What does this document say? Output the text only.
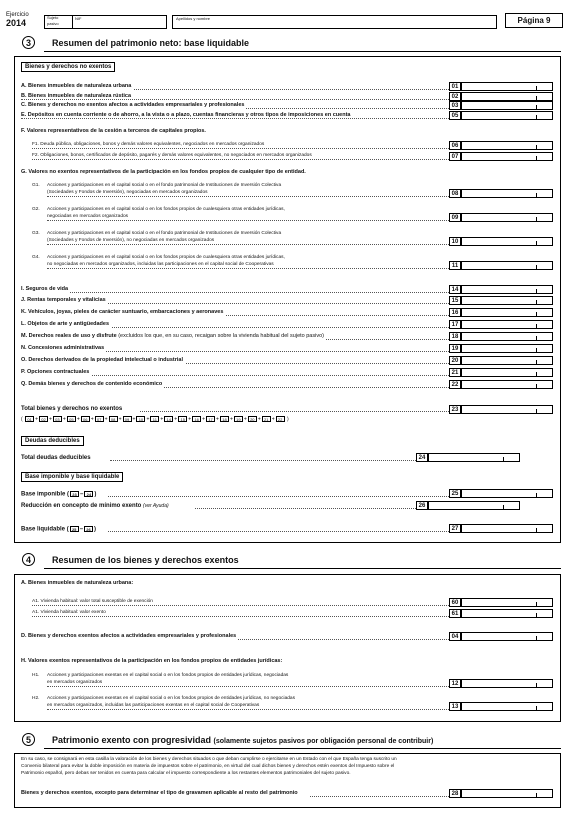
Ejercicio
2014
Sujeto
pasivo
NIF	Apellidos y nombre	Página 9
3	Resumen del patrimonio neto: base liquidable
Bienes y derechos no exentos
A. Bienes inmuebles de naturaleza urbana	01
B. Bienes inmuebles de naturaleza rústica	02
C. Bienes y derechos no exentos afectos a actividades empresariales y profesionales	03
E. Depósitos en cuenta corriente o de ahorro, a la vista o a plazo, cuentas financieras y otros tipos de imposiciones en cuenta	05
F. Valores representativos de la cesión a terceros de capitales propios.
F1. Deuda pública, obligaciones, bonos y demás valores equivalentes, negociados en mercados organizados	06
F2. Obligaciones, bonos, certificados de depósito, pagarés y demás valores equivalentes, no negociados en mercados organizados	07
G. Valores no exentos representativos de la participación en los fondos propios de cualquier tipo de entidad.
G1. Acciones y participaciones en el capital social o en el fondo patrimonial de Instituciones de Inversión Colectiva
(Sociedades y Fondos de Inversión), negociadas en mercados organizados	08
G2. Acciones y participaciones en el capital social o en los fondos propios de cualesquiera otras entidades jurídicas,
negociadas en mercados organizados	09
G3. Acciones y participaciones en el capital social o en el fondo patrimonial de Instituciones de Inversión Colectiva
(Sociedades y Fondos de Inversión), no negociadas en mercados organizados	10
G4. Acciones y participaciones en el capital social o en los fondos propios de cualesquiera otras entidades jurídicas,
no negociadas en mercados organizados, incluidas las participaciones en el capital social de Cooperativas	11
I. Seguros de vida	14
J. Rentas temporales y vitalicias	15
K. Vehículos, joyas, pieles de carácter suntuario, embarcaciones y aeronaves	16
L. Objetos de arte y antigüedades	17
M. Derechos reales de uso y disfrute (excluidos los que, en su caso, recaigan sobre la vivienda habitual del sujeto pasivo)	18
N. Concesiones administrativas	19
O. Derechos derivados de la propiedad intelectual o industrial	20
P. Opciones contractuales	21
Q. Demás bienes y derechos de contenido económico	22
Total bienes y derechos no exentos	23
( 01 + 02 + 03 + 05 + 06 + 07 + 08 + 09 + 10 + 11 + 14 + 15 + 16 + 17 + 18 + 19 + 20 + 21 + 22 )
Deudas deducibles
Total deudas deducibles	24
Base imponible y base liquidable
Base imponible ( 23 – 24 )	25
Reducción en concepto de mínimo exento (ver Ayuda)	26
Base liquidable ( 25 – 26 )	27
4	Resumen de los bienes y derechos exentos
A. Bienes inmuebles de naturaleza urbana:
A1. Vivienda habitual: valor total susceptible de exención	60
A1. Vivienda habitual: valor exento	61
D. Bienes y derechos exentos afectos a actividades empresariales y profesionales	04
H. Valores exentos representativos de la participación en los fondos propios de entidades jurídicas:
H1. Acciones y participaciones exentas en el capital social o en los fondos propios de entidades jurídicas, negociadas
en mercados organizados	12
H2. Acciones y participaciones exentas en el capital social o en los fondos propios de entidades jurídicas, no negociadas
en mercados organizados, incluidas las participaciones exentas en el capital social de Cooperativas	13
5	Patrimonio exento con progresividad (solamente sujetos pasivos por obligación personal de contribuir)
En su caso, se consignará en esta casilla la valoración de los bienes y derechos situados o que deban cumplirse o ejercitarse en un Estado con el que España tenga suscrito un
Convenio bilateral para evitar la doble imposición en materia de impuestos sobre el patrimonio, en virtud del cual dichos bienes y derechos estén exentos del Impuesto sobre el
Patrimonio español, pero debas ser tenidos en cuenta para calcular el impuesto correspondiente a los restantes elementos patrimoniales del sujeto pasivo.
Bienes y derechos exentos, excepto para determinar el tipo de gravamen aplicable al resto del patrimonio	28
